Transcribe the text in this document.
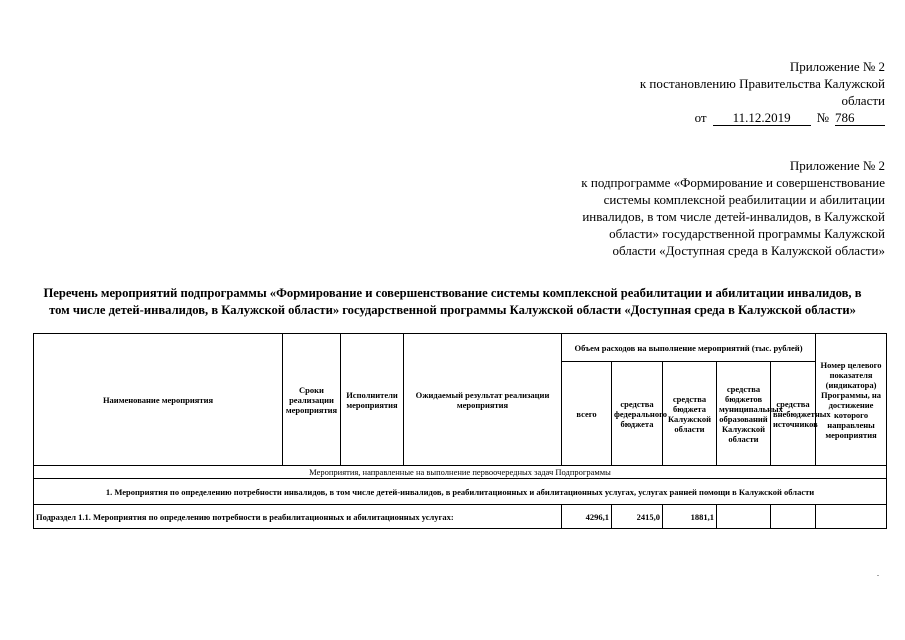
Приложение № 2
к постановлению Правительства Калужской
области
от	11.12.2019	№ 786
Приложение № 2
к подпрограмме «Формирование и совершенствование
системы комплексной реабилитации и абилитации
инвалидов, в том числе детей-инвалидов, в Калужской
области» государственной программы Калужской
области «Доступная среда в Калужской области»
Перечень мероприятий подпрограммы «Формирование и совершенствование системы комплексной реабилитации и абилитации инвалидов, в
том числе детей-инвалидов, в Калужской области» государственной программы Калужской области «Доступная среда в Калужской области»
Наименование мероприятия	Сроки реализации мероприятия	Исполнители мероприятия	Ожидаемый результат реализации мероприятия	Объем расходов на выполнение мероприятий (тыс. рублей)					Номер целевого показателя (индикатора) Программы, на достижение которого направлены мероприятия
				всего	средства федерального бюджета	средства бюджета Калужской области	средства бюджетов муниципальных образований Калужской области	средства внебюджетных источников	
Мероприятия, направленные на выполнение первоочередных задач Подпрограммы									
1. Мероприятия по определению потребности инвалидов, в том числе детей-инвалидов, в реабилитационных и абилитационных услугах, услугах ранней помощи в Калужской области									
Подраздел 1.1. Мероприятия по определению потребности в реабилитационных и абилитационных услугах:				4296,1	2415,0	1881,1			
-
